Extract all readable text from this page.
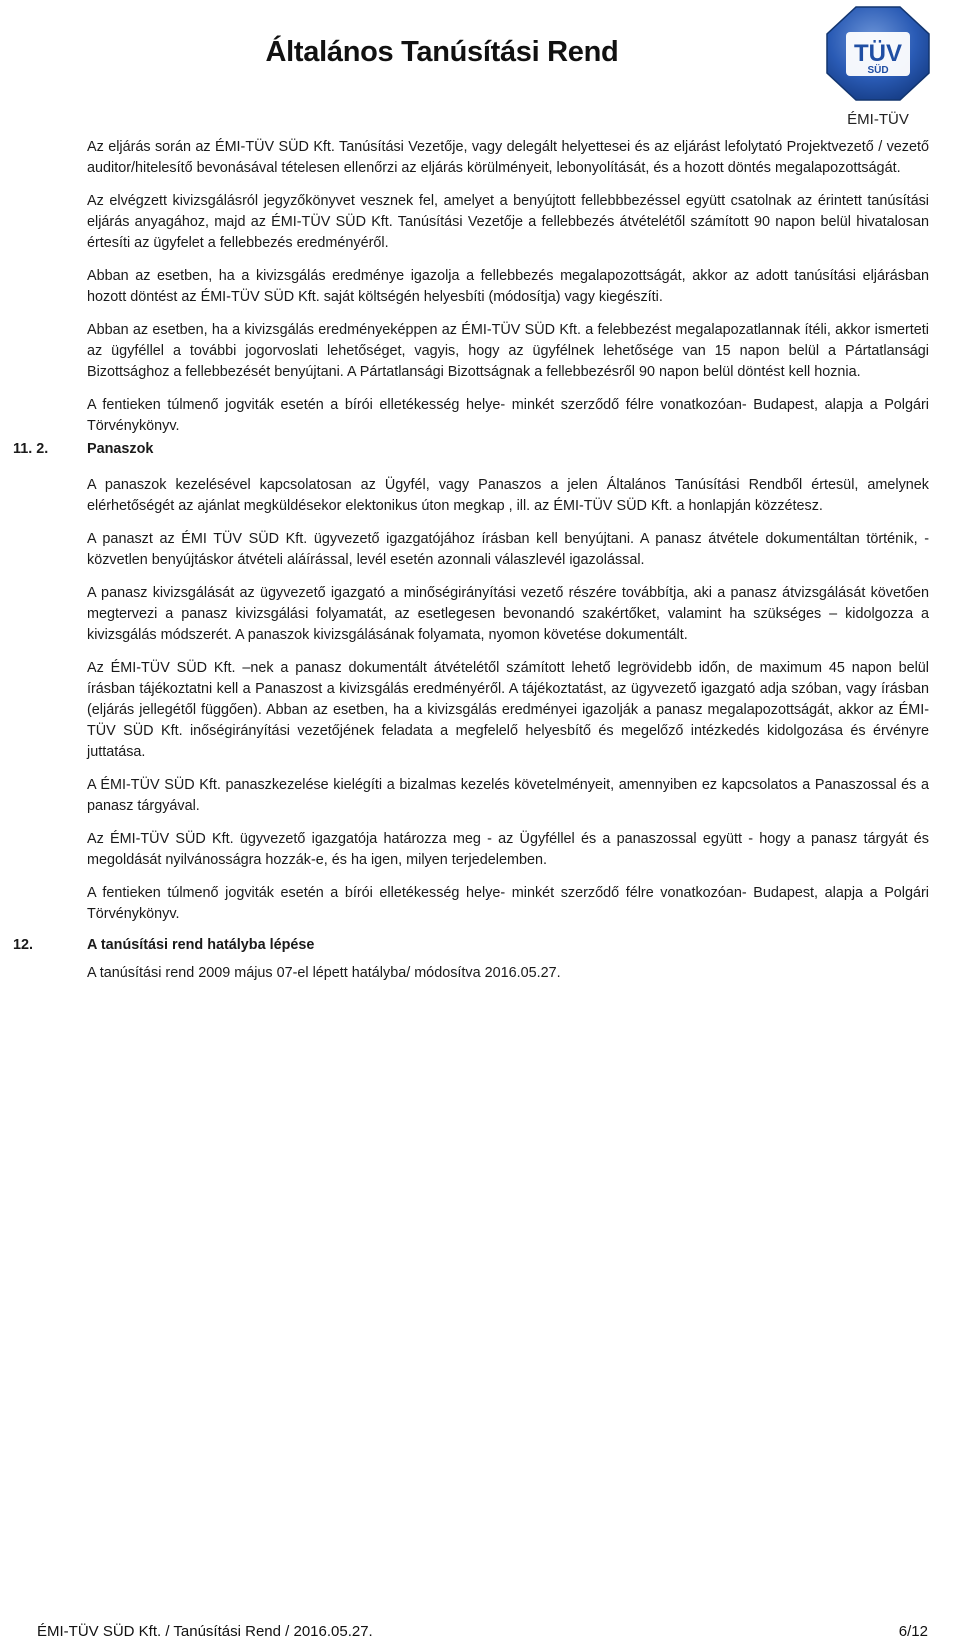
Általános Tanúsítási Rend	TÜV
SÜD
ÉMI-TÜV

Az eljárás során az ÉMI-TÜV SÜD Kft. Tanúsítási Vezetője, vagy delegált helyettesei és az eljárást lefolytató Projektvezető / vezető auditor/hitelesítő bevonásával tételesen ellenőrzi az eljárás körülményeit, lebonyolítását, és a hozott döntés megalapozottságát.

Az elvégzett kivizsgálásról jegyzőkönyvet vesznek fel, amelyet a benyújtott fellebbbezéssel együtt csatolnak az érintett tanúsítási eljárás anyagához, majd az ÉMI-TÜV SÜD Kft. Tanúsítási Vezetője a fellebbezés átvételétől számított 90 napon belül hivatalosan értesíti az ügyfelet a fellebbezés eredményéről.

Abban az esetben, ha a kivizsgálás eredménye igazolja a fellebbezés megalapozottságát, akkor az adott tanúsítási eljárásban hozott döntést az ÉMI-TÜV SÜD Kft. saját költségén helyesbíti (módosítja) vagy kiegészíti.

Abban az esetben, ha a kivizsgálás eredményeképpen az ÉMI-TÜV SÜD Kft. a felebbezést megalapozatlannak ítéli, akkor ismerteti az ügyféllel a további jogorvoslati lehetőséget, vagyis, hogy az ügyfélnek lehetősége van 15 napon belül a Pártatlansági Bizottsághoz a fellebbezését benyújtani. A Pártatlansági Bizottságnak a fellebbezésről 90 napon belül döntést kell hoznia.

A fentieken túlmenő jogviták esetén a bírói elletékesség helye- minkét szerződő félre vonatkozóan- Budapest, alapja a Polgári Törvénykönyv.

11. 2.	Panaszok

A panaszok kezelésével kapcsolatosan az Ügyfél, vagy Panaszos a jelen Általános Tanúsítási Rendből értesül, amelynek elérhetőségét az ajánlat megküldésekor elektonikus úton megkap , ill. az ÉMI-TÜV SÜD Kft. a honlapján közzétesz.

A panaszt az ÉMI TÜV SÜD Kft. ügyvezető igazgatójához írásban kell benyújtani. A panasz átvétele dokumentáltan történik, - közvetlen benyújtáskor átvételi aláírással, levél esetén azonnali válaszlevél igazolással.

A panasz kivizsgálását az ügyvezető igazgató a minőségirányítási vezető részére továbbítja, aki a panasz átvizsgálását követően megtervezi a panasz kivizsgálási folyamatát, az esetlegesen bevonandó szakértőket, valamint ha szükséges – kidolgozza a kivizsgálás módszerét. A panaszok kivizsgálásának folyamata, nyomon követése dokumentált.

Az ÉMI-TÜV SÜD Kft. –nek a panasz dokumentált átvételétől számított lehető legrövidebb időn, de maximum 45 napon belül írásban tájékoztatni kell a Panaszost a kivizsgálás eredményéről. A tájékoztatást, az ügyvezető igazgató adja szóban, vagy írásban (eljárás jellegétől függően). Abban az esetben, ha a kivizsgálás eredményei igazolják a panasz megalapozottságát, akkor az ÉMI-TÜV SÜD Kft. inőségirányítási vezetőjének feladata a megfelelő helyesbítő és megelőző intézkedés kidolgozása és érvényre juttatása.

A ÉMI-TÜV SÜD Kft. panaszkezelése kielégíti a bizalmas kezelés követelményeit, amennyiben ez kapcsolatos a Panaszossal és a panasz tárgyával.

Az ÉMI-TÜV SÜD Kft. ügyvezető igazgatója határozza meg - az Ügyféllel és a panaszossal együtt - hogy a panasz tárgyát és megoldását nyilvánosságra hozzák-e, és ha igen, milyen terjedelemben.

A fentieken túlmenő jogviták esetén a bírói elletékesség helye- minkét szerződő félre vonatkozóan- Budapest, alapja a Polgári Törvénykönyv.

12.	A tanúsítási rend hatályba lépése

A tanúsítási rend 2009 május 07-el lépett hatályba/ módosítva 2016.05.27.

ÉMI-TÜV SÜD Kft. / Tanúsítási Rend / 2016.05.27.	6/12
